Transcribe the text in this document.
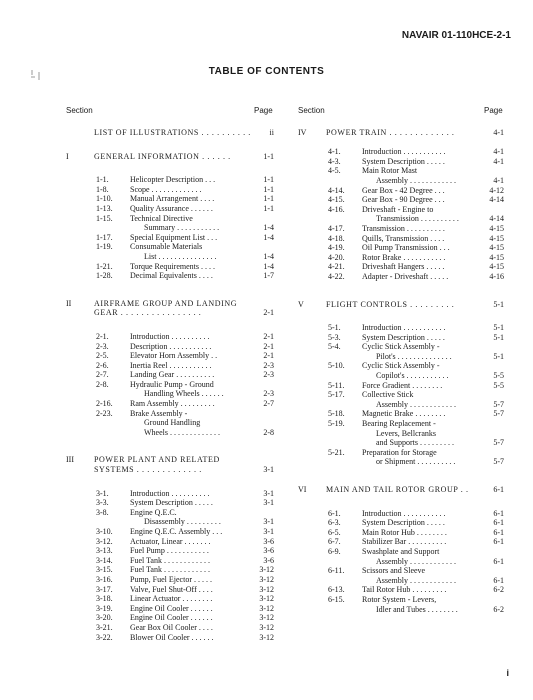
NAVAIR 01-110HCE-2-1
TABLE OF CONTENTS
Section	Page	Section	Page
LIST OF ILLUSTRATIONS . . . . . . . . . . ii
I	GENERAL INFORMATION . . . . . .	1-1
1-1.	Helicopter Description . . .	1-1
1-8.	Scope . . . . . . . . . . . . .	1-1
1-10. Manual Arrangement . . . .	1-1
1-13. Quality Assurance . . . . . .	1-1
1-15. Technical Directive
Summary . . . . . . . . . . .	1-4
1-17. Special Equipment List . . .	1-4
1-19. Consumable Materials
List . . . . . . . . . . . . . . .	1-4
1-21. Torque Requirements . . . .	1-4
1-28. Decimal Equivalents . . . .	1-7
II	AIRFRAME GROUP AND LANDING
GEAR . . . . . . . . . . . . . . . .	2-1
2-1.	Introduction . . . . . . . . . .	2-1
2-3.	Description . . . . . . . . . . .	2-1
2-5.	Elevator Horn Assembly . .	2-1
2-6.	Inertia Reel . . . . . . . . . . .	2-3
2-7.	Landing Gear . . . . . . . . . .	2-3
2-8.	Hydraulic Pump - Ground
Handling Wheels . . . . . .	2-3
2-16. Ram Assembly . . . . . . . . .	2-7
2-23. Brake Assembly -
Ground Handling
Wheels . . . . . . . . . . . . .	2-8
III	POWER PLANT AND RELATED
SYSTEMS . . . . . . . . . . . . .	3-1
3-1.	Introduction . . . . . . . . . .	3-1
3-3.	System Description . . . . .	3-1
3-8.	Engine Q.E.C.
Disassembly . . . . . . . . .	3-1
3-10. Engine Q.E.C. Assembly . . .	3-1
3-12. Actuator, Linear . . . . . . .	3-6
3-13. Fuel Pump . . . . . . . . . . .	3-6
3-14. Fuel Tank . . . . . . . . . . . .	3-6
3-15. Fuel Tank . . . . . . . . . . . .	3-12
3-16. Pump, Fuel Ejector . . . . .	3-12
3-17. Valve, Fuel Shut-Off . . . .	3-12
3-18. Linear Actuator . . . . . . . .	3-12
3-19. Engine Oil Cooler . . . . . .	3-12
3-20. Engine Oil Cooler . . . . . .	3-12
3-21. Gear Box Oil Cooler . . . .	3-12
3-22. Blower Oil Cooler . . . . . .	3-12
IV POWER TRAIN . . . . . . . . . . . . .	4-1
4-1.	Introduction . . . . . . . . . . .	4-1
4-3.	System Description . . . . .	4-1
4-5.	Main Rotor Mast
Assembly . . . . . . . . . . . .	4-1
4-14. Gear Box - 42 Degree . . .	4-12
4-15. Gear Box - 90 Degree . . .	4-14
4-16. Driveshaft - Engine to
Transmission . . . . . . . . . .	4-14
4-17. Transmission . . . . . . . . . .	4-15
4-18. Quills, Transmission . . . .	4-15
4-19. Oil Pump Transmission . . .	4-15
4-20. Rotor Brake . . . . . . . . . . .	4-15
4-21. Driveshaft Hangers . . . . .	4-15
4-22. Adapter - Driveshaft . . . . .	4-16
V	FLIGHT CONTROLS . . . . . . . . .	5-1
5-1.	Introduction . . . . . . . . . . .	5-1
5-3.	System Description . . . . .	5-1
5-4.	Cyclic Stick Assembly -
Pilot's . . . . . . . . . . . . . .	5-1
5-10. Cyclic Stick Assembly -
Copilot's . . . . . . . . . . .	5-5
5-11. Force Gradient . . . . . . . .	5-5
5-17. Collective Stick
Assembly . . . . . . . . . . . .	5-7
5-18. Magnetic Brake . . . . . . . .	5-7
5-19. Bearing Replacement -
Levers, Bellcranks
and Supports . . . . . . . . .	5-7
5-21. Preparation for Storage
or Shipment . . . . . . . . . .	5-7
VI MAIN AND TAIL ROTOR GROUP . .	6-1
6-1.	Introduction . . . . . . . . . . .	6-1
6-3.	System Description . . . . .	6-1
6-5.	Main Rotor Hub . . . . . . . .	6-1
6-7.	Stabilizer Bar . . . . . . . . . .	6-1
6-9.	Swashplate and Support
Assembly . . . . . . . . . . . .	6-1
6-11. Scissors and Sleeve
Assembly . . . . . . . . . . . .	6-1
6-13. Tail Rotor Hub . . . . . . . . .	6-2
6-15. Rotor System - Levers,
Idler and Tubes . . . . . . . .	6-2
i
